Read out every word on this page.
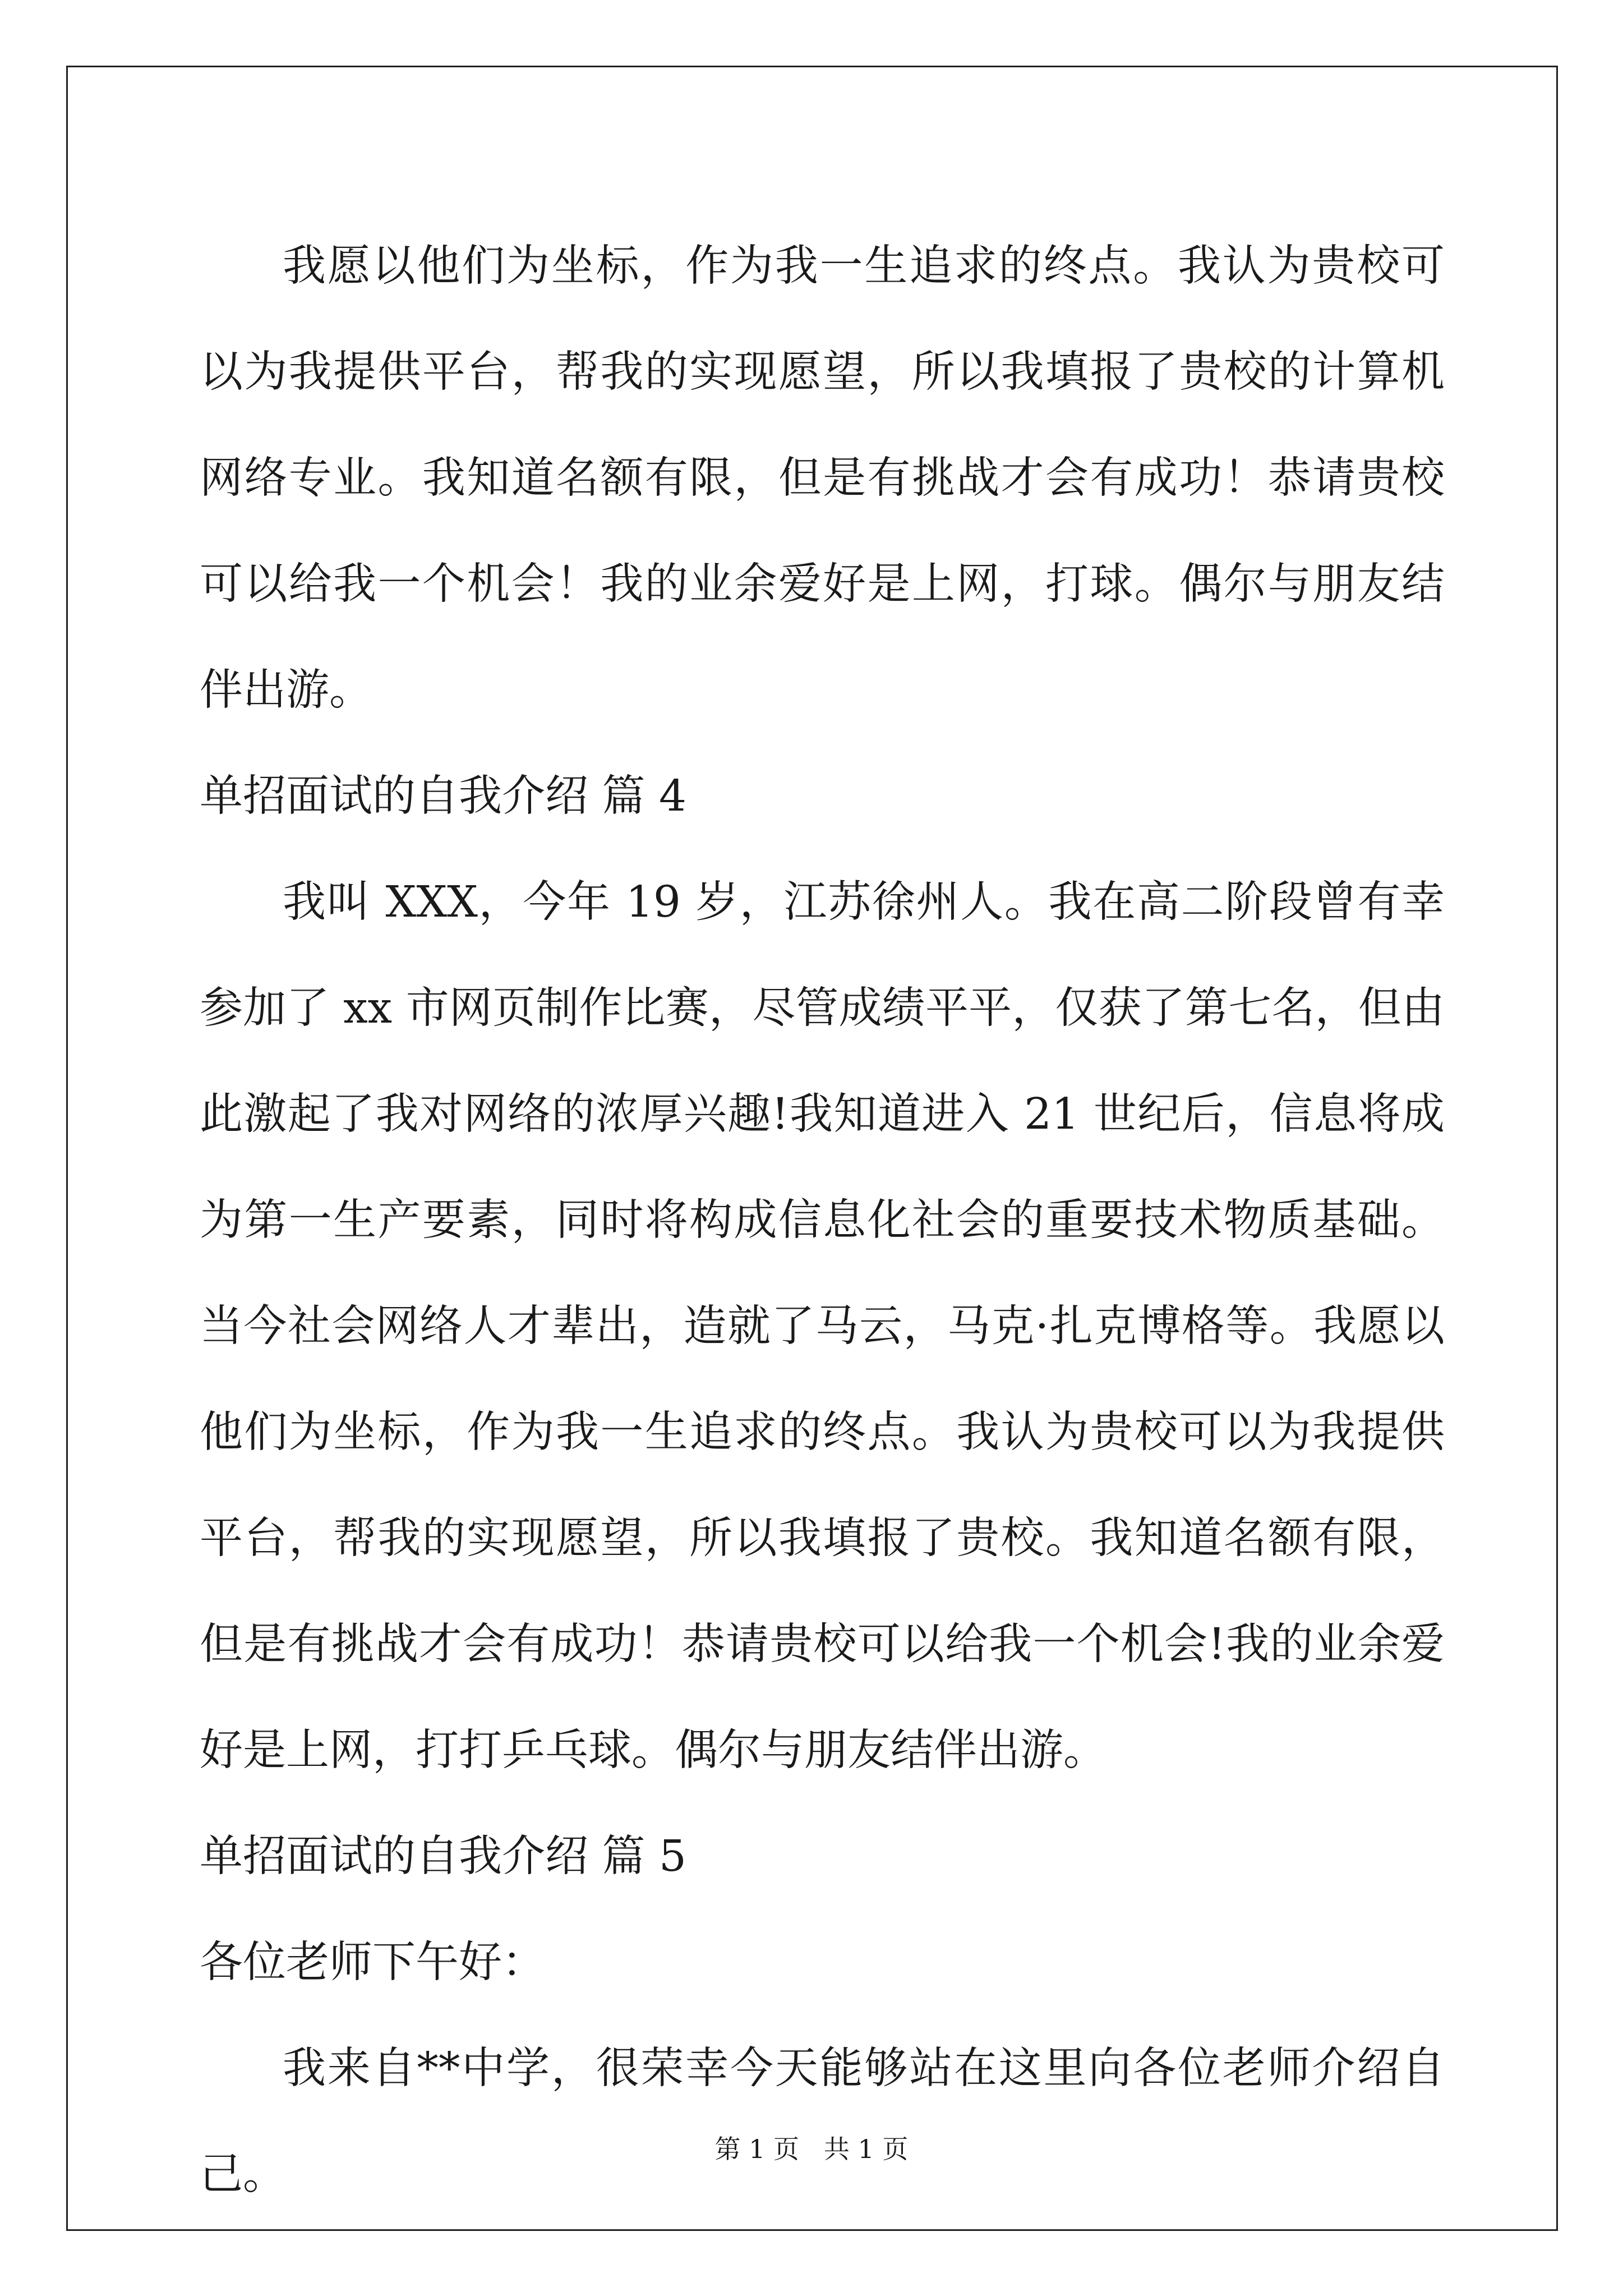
我愿以他们为坐标，作为我一生追求的终点。我认为贵校可以为我提供平台，帮我的实现愿望，所以我填报了贵校的计算机网络专业。我知道名额有限，但是有挑战才会有成功！恭请贵校可以给我一个机会！我的业余爱好是上网，打球。偶尔与朋友结伴出游。

单招面试的自我介绍 篇 4

我叫 XXX，今年 19 岁，江苏徐州人。我在高二阶段曾有幸参加了 xx 市网页制作比赛，尽管成绩平平，仅获了第七名，但由此激起了我对网络的浓厚兴趣!我知道进入 21 世纪后，信息将成为第一生产要素，同时将构成信息化社会的重要技术物质基础。当今社会网络人才辈出，造就了马云，马克·扎克博格等。我愿以他们为坐标，作为我一生追求的终点。我认为贵校可以为我提供平台，帮我的实现愿望，所以我填报了贵校。我知道名额有限，但是有挑战才会有成功！恭请贵校可以给我一个机会!我的业余爱好是上网，打打乒乓球。偶尔与朋友结伴出游。

单招面试的自我介绍 篇 5

各位老师下午好：

我来自**中学，很荣幸今天能够站在这里向各位老师介绍自己。

第 1 页   共 1 页
